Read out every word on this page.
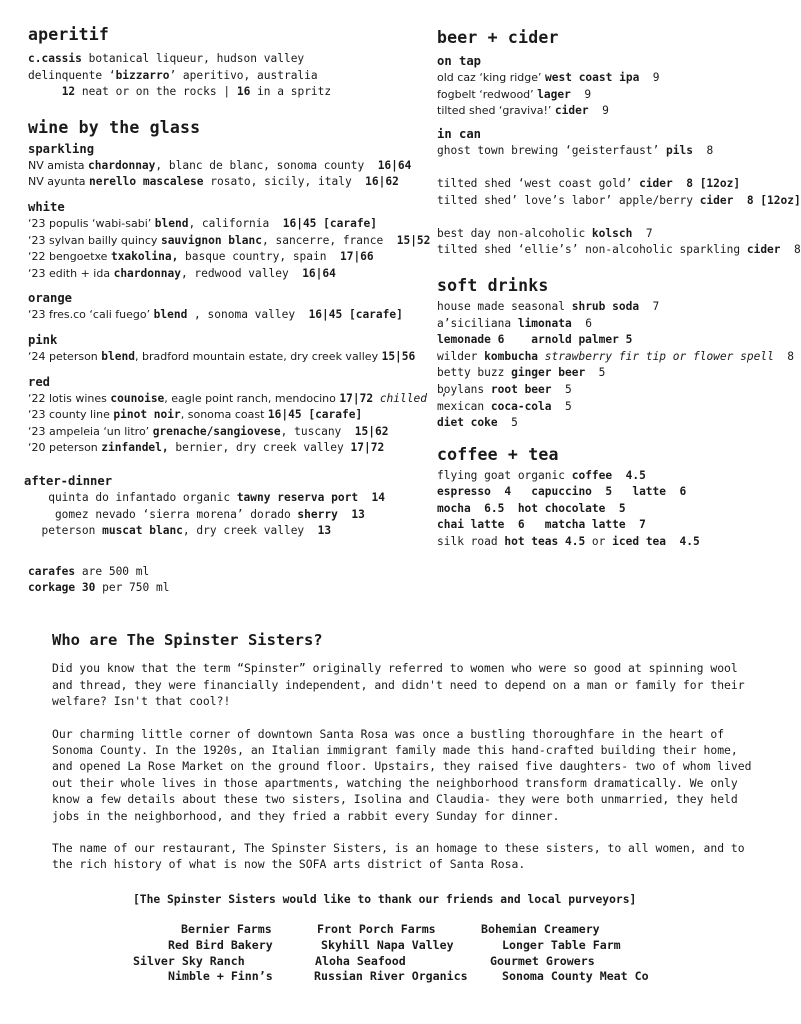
aperitif
c.cassis botanical liqueur, hudson valley
delinquente ‘bizzarro’ aperitivo, australia
12 neat or on the rocks | 16 in a spritz
wine by the glass
sparkling
NV amista chardonnay, blanc de blanc, sonoma county  16|64
NV ayunta nerello mascalese rosato, sicily, italy  16|62
white
‘23 populis ‘wabi-sabi’ blend, california  16|45 [carafe]
‘23 sylvan bailly quincy sauvignon blanc, sancerre, france  15|52
‘22 bengoetxe txakolina, basque country, spain  17|66
‘23 edith + ida chardonnay, redwood valley  16|64
orange
‘23 fres.co ‘cali fuego’ blend , sonoma valley  16|45 [carafe]
pink
‘24 peterson blend, bradford mountain estate, dry creek valley 15|56
red
‘22 lotis wines counoise, eagle point ranch, mendocino 17|72 chilled  ‘
‘23 county line pinot noir, sonoma coast 16|45 [carafe]
‘23 ampeleia ‘un litro’ grenache/sangiovese, tuscany  15|62
‘20 peterson zinfandel, bernier, dry creek valley 17|72
after-dinner
quinta do infantado organic tawny reserva port 14
gomez nevado ‘sierra morena’ dorado sherry 13
peterson muscat blanc, dry creek valley  13
carafes are 500 ml
corkage 30 per 750 ml
beer + cider
on tap
old caz ‘king ridge’ west coast ipa  9
fogbelt ‘redwood’ lager  9
tilted shed ‘graviva!’ cider  9
in can
ghost town brewing ‘geisterfaust’ pils  8

tilted shed ‘west coast gold’ cider  8 [12oz]
tilted shed’ love’s labor’ apple/berry cider  8 [12oz]

best day non-alcoholic kolsch  7
tilted shed ‘ellie’s’ non-alcoholic sparkling cider  8
soft drinks
house made seasonal shrub soda  7
a’siciliana limonata  6
lemonade 6    arnold palmer 5
wilder kombucha strawberry fir tip or flower spell  8
betty buzz ginger beer  5
boylans root beer  5
mexican coca-cola  5
diet coke  5
coffee + tea
flying goat organic coffee  4.5
espresso  4   capuccino  5   latte  6
mocha  6.5  hot chocolate  5
chai latte  6   matcha latte  7
silk road hot teas 4.5 or iced tea  4.5
Who are The Spinster Sisters?

Did you know that the term “Spinster” originally referred to women who were so good at spinning wool and thread, they were financially independent, and didn't need to depend on a man or family for their welfare? Isn't that cool?!

Our charming little corner of downtown Santa Rosa was once a bustling thoroughfare in the heart of Sonoma County. In the 1920s, an Italian immigrant family made this hand-crafted building their home, and opened La Rose Market on the ground floor. Upstairs, they raised five daughters- two of whom lived out their whole lives in those apartments, watching the neighborhood transform dramatically. We only know a few details about these two sisters, Isolina and Claudia- they were both unmarried, they held jobs in the neighborhood, and they fried a rabbit every Sunday for dinner.

The name of our restaurant, The Spinster Sisters, is an homage to these sisters, to all women, and to the rich history of what is now the SOFA arts district of Santa Rosa.

[The Spinster Sisters would like to thank our friends and local purveyors]
Bernier Farms	Front Porch Farms	Bohemian Creamery
Red Bird Bakery	Skyhill Napa Valley	Longer Table Farm
Silver Sky Ranch	Aloha Seafood	Gourmet Growers
Nimble + Finn’s	Russian River Organics	Sonoma County Meat Co
